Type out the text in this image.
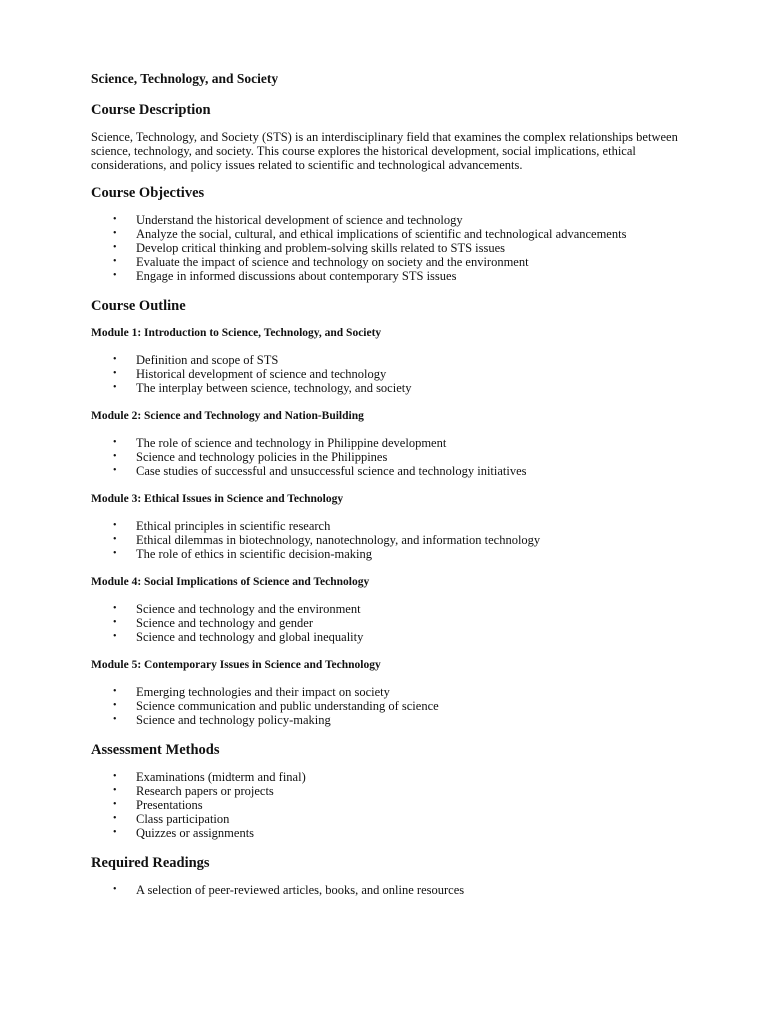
Science, Technology, and Society
Course Description

Science, Technology, and Society (STS) is an interdisciplinary field that examines the complex relationships between science, technology, and society. This course explores the historical development, social implications, ethical considerations, and policy issues related to scientific and technological advancements.

Course Objectives
• Understand the historical development of science and technology
• Analyze the social, cultural, and ethical implications of scientific and technological advancements
• Develop critical thinking and problem-solving skills related to STS issues
• Evaluate the impact of science and technology on society and the environment
• Engage in informed discussions about contemporary STS issues
Course Outline
Module 1: Introduction to Science, Technology, and Society
• Definition and scope of STS
• Historical development of science and technology
• The interplay between science, technology, and society
Module 2: Science and Technology and Nation-Building
• The role of science and technology in Philippine development
• Science and technology policies in the Philippines
• Case studies of successful and unsuccessful science and technology initiatives
Module 3: Ethical Issues in Science and Technology
• Ethical principles in scientific research
• Ethical dilemmas in biotechnology, nanotechnology, and information technology
• The role of ethics in scientific decision-making
Module 4: Social Implications of Science and Technology
• Science and technology and the environment
• Science and technology and gender
• Science and technology and global inequality
Module 5: Contemporary Issues in Science and Technology
• Emerging technologies and their impact on society
• Science communication and public understanding of science
• Science and technology policy-making
Assessment Methods
• Examinations (midterm and final)
• Research papers or projects
• Presentations
• Class participation
• Quizzes or assignments
Required Readings
• A selection of peer-reviewed articles, books, and online resources
